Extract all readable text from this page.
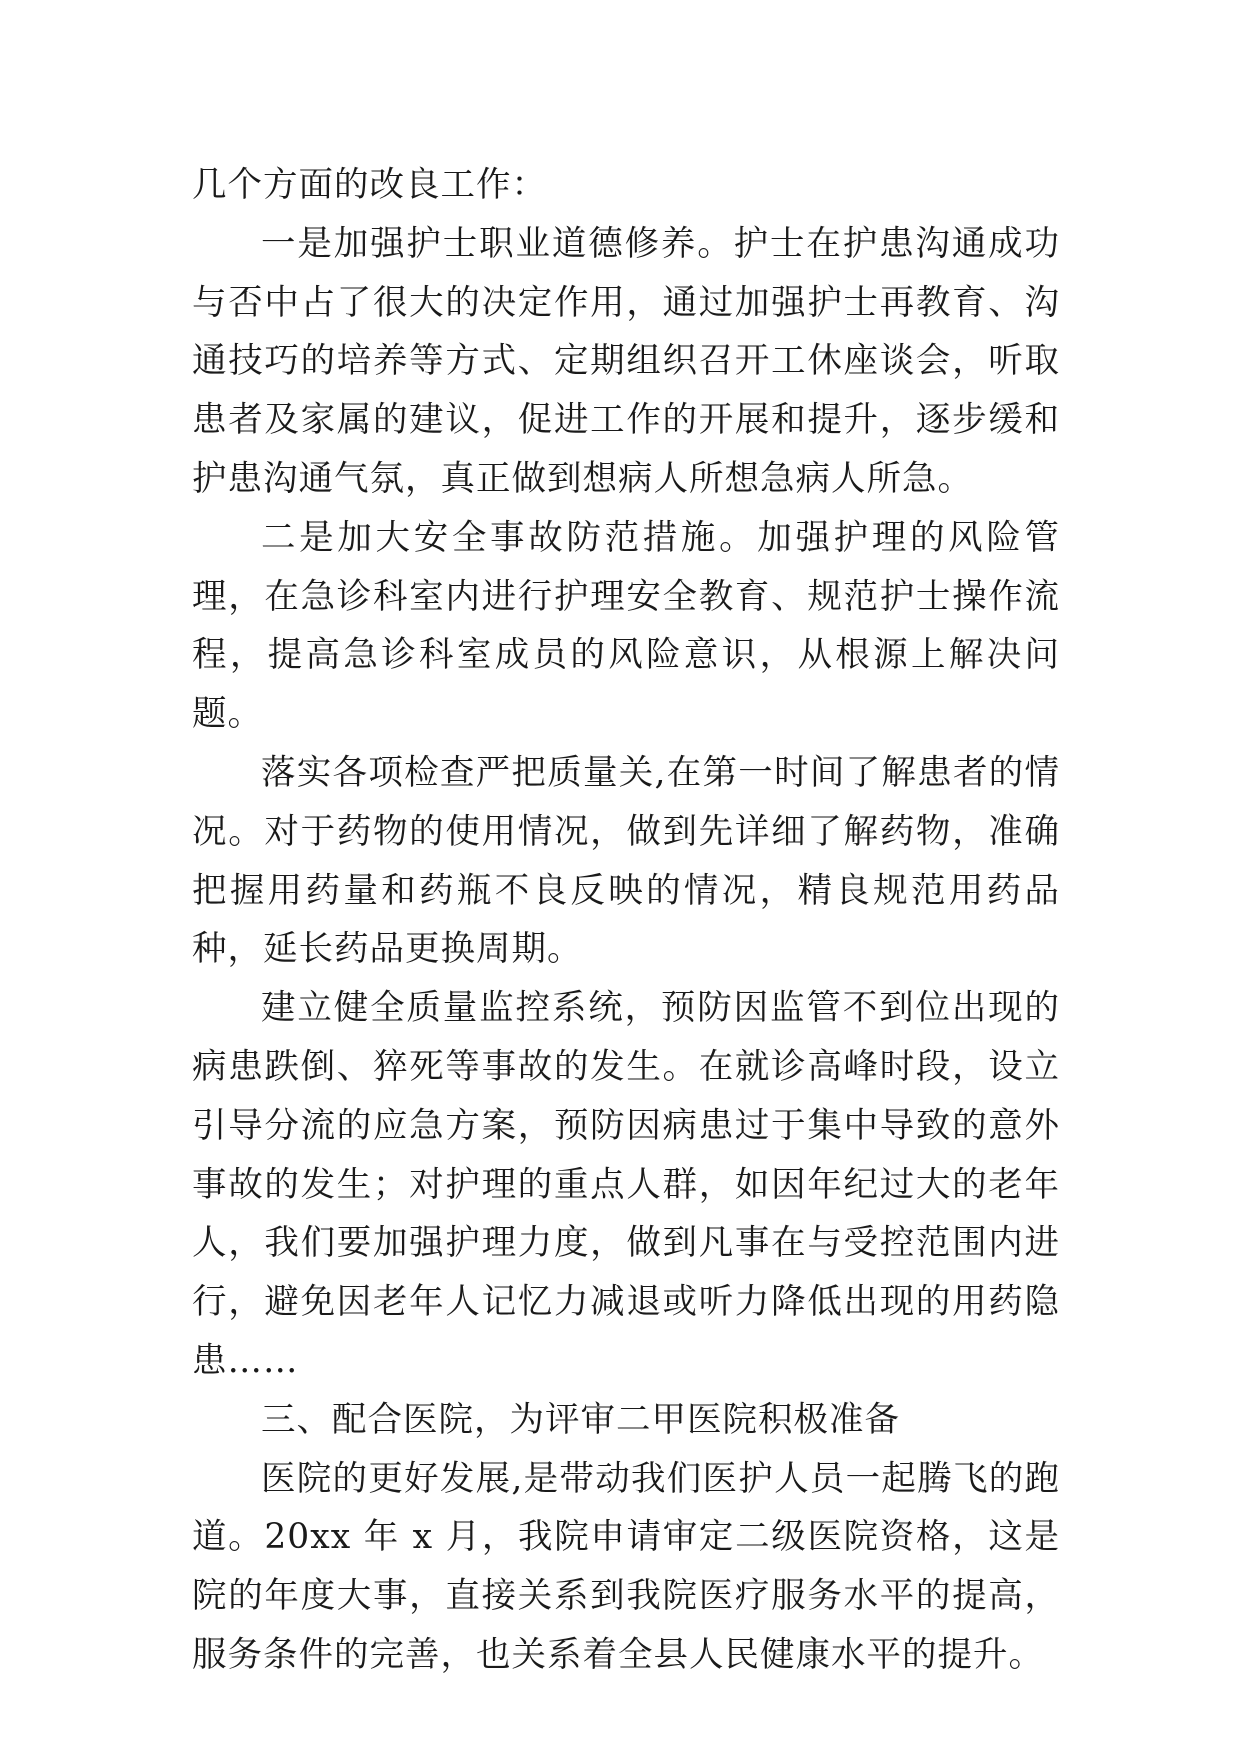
几个方面的改良工作：

一是加强护士职业道德修养。护士在护患沟通成功与否中占了很大的决定作用，通过加强护士再教育、沟通技巧的培养等方式、定期组织召开工休座谈会，听取患者及家属的建议，促进工作的开展和提升，逐步缓和护患沟通气氛，真正做到想病人所想急病人所急。

二是加大安全事故防范措施。加强护理的风险管理，在急诊科室内进行护理安全教育、规范护士操作流程，提高急诊科室成员的风险意识，从根源上解决问题。

落实各项检查严把质量关,在第一时间了解患者的情况。对于药物的使用情况，做到先详细了解药物，准确把握用药量和药瓶不良反映的情况，精良规范用药品种，延长药品更换周期。

建立健全质量监控系统，预防因监管不到位出现的病患跌倒、猝死等事故的发生。在就诊高峰时段，设立引导分流的应急方案，预防因病患过于集中导致的意外事故的发生；对护理的重点人群，如因年纪过大的老年人，我们要加强护理力度，做到凡事在与受控范围内进行，避免因老年人记忆力减退或听力降低出现的用药隐患……

三、配合医院，为评审二甲医院积极准备

医院的更好发展,是带动我们医护人员一起腾飞的跑道。20xx 年 x 月，我院申请审定二级医院资格，这是院的年度大事，直接关系到我院医疗服务水平的提高，服务条件的完善，也关系着全县人民健康水平的提升。
